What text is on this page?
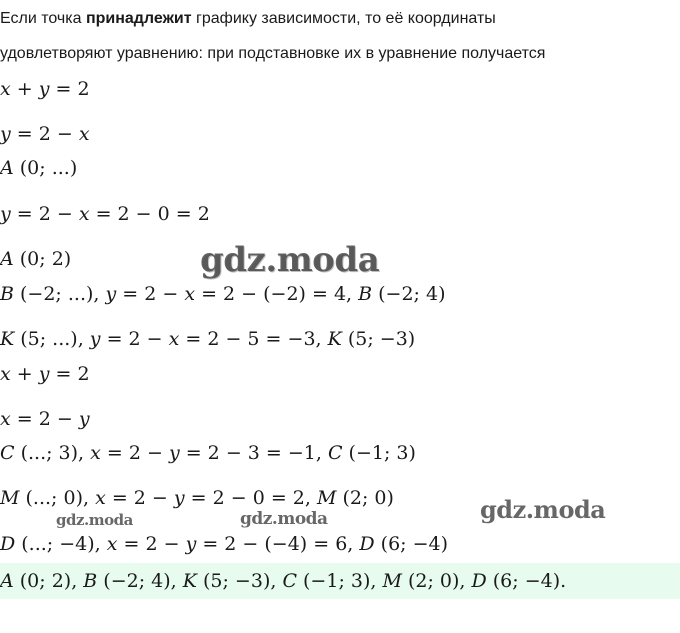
Если точка принадлежит графику зависимости, то её координаты
удовлетворяют уравнению: при подставновке их в уравнение получается
x + y = 2
y = 2 − x
A (0; ...)
y = 2 − x = 2 − 0 = 2
A (0; 2)
B (−2; ...), y = 2 − x = 2 − (−2) = 4, B (−2; 4)
K (5; ...), y = 2 − x = 2 − 5 = −3, K (5; −3)
x + y = 2
x = 2 − y
C (...; 3), x = 2 − y = 2 − 3 = −1, C (−1; 3)
M (...; 0), x = 2 − y = 2 − 0 = 2, M (2; 0)
D (...; −4), x = 2 − y = 2 − (−4) = 6, D (6; −4)
A (0; 2), B (−2; 4), K (5; −3), C (−1; 3), M (2; 0), D (6; −4).
gdz.moda
gdz.moda
gdz.moda	gdz.moda
